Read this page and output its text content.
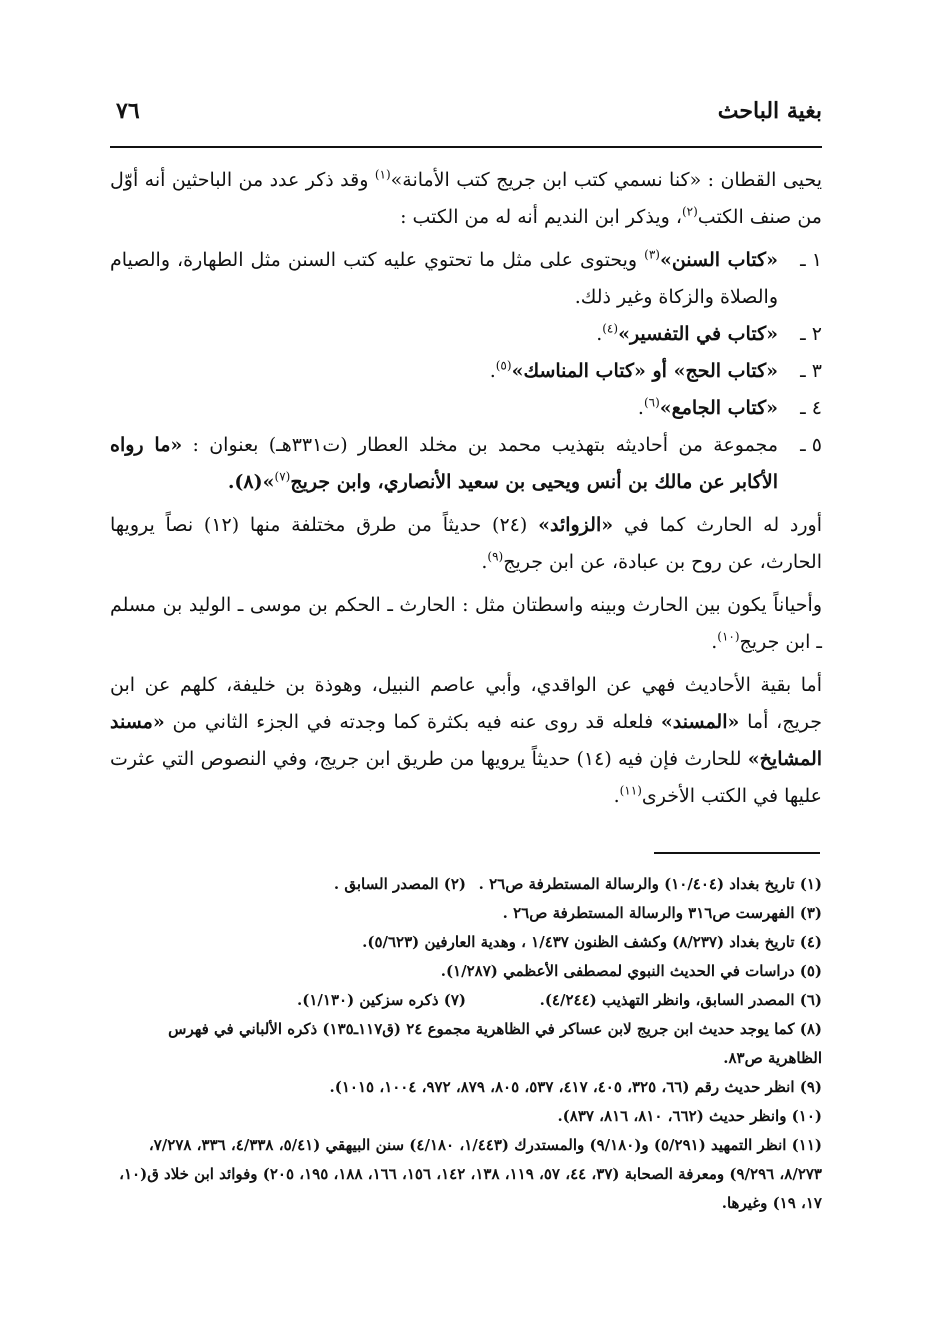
بغية الباحث
٧٦

يحيى القطان : «كنا نسمي كتب ابن جريج كتب الأمانة»$^{(١)}$ وقد ذكر عدد من الباحثين أنه أوّل من صنف الكتب$^{(٢)}$، ويذكر ابن النديم أنه له من الكتب :

١ ـ
«كتاب السنن»$^{(٣)}$ ويحتوى على مثل ما تحتوي عليه كتب السنن مثل الطهارة، والصيام والصلاة والزكاة وغير ذلك.
٢ ـ
«كتاب في التفسير»$^{(٤)}$.
٣ ـ
«كتاب الحج» أو «كتاب المناسك»$^{(٥)}$.
٤ ـ
«كتاب الجامع»$^{(٦)}$.
٥ ـ
مجموعة من أحاديثه بتهذيب محمد بن مخلد العطار (ت٣٣١هـ) بعنوان : «ما رواه الأكابر عن مالك بن أنس ويحيى بن سعيد الأنصاري، وابن جريج$^{(٧)}$»(٨).

أورد له الحارث كما في «الزوائد» (٢٤) حديثاً من طرق مختلفة منها (١٢) نصاً يرويها الحارث، عن روح بن عبادة، عن ابن جريج$^{(٩)}$.

وأحياناً يكون بين الحارث وبينه واسطتان مثل : الحارث ـ الحكم بن موسى ـ الوليد بن مسلم ـ ابن جريج$^{(١٠)}$.

أما بقية الأحاديث فهي عن الواقدي، وأبي عاصم النبيل، وهوذة بن خليفة، كلهم عن ابن جريج، أما «المسند» فلعله قد روى عنه فيه بكثرة كما وجدته في الجزء الثاني من «مسند المشايخ» للحارث فإن فيه (١٤) حديثاً يرويها من طريق ابن جريج، وفي النصوص التي عثرت عليها في الكتب الأخرى$^{(١١)}$.

(١) تاريخ بغداد (١٠/٤٠٤) والرسالة المستطرفة ص٢٦ .
(٢) المصدر السابق .

(٣) الفهرست ص٣١٦ والرسالة المستطرفة ص٢٦ .

(٤) تاريخ بغداد (٨/٢٣٧) وكشف الظنون ١/٤٣٧ ، وهدية العارفين (٥/٦٢٣).

(٥) دراسات في الحديث النبوي لمصطفى الأعظمي (١/٢٨٧).

(٦) المصدر السابق، وانظر التهذيب (٤/٢٤٤).
(٧) ذكره سزكين (١/١٣٠).

(٨) كما يوجد حديث ابن جريج لابن عساكر في الظاهرية مجموع ٢٤ (ق١١٧ـ١٣٥) ذكره الألباني في فهرس الظاهرية ص٨٣.

(٩) انظر حديث رقم (٦٦، ٣٢٥، ٤٠٥، ٤١٧، ٥٣٧، ٨٠٥، ٨٧٩، ٩٧٢، ١٠٠٤، ١٠١٥).

(١٠) وانظر حديث (٦٦٢، ٨١٠، ٨١٦، ٨٣٧).

(١١) انظر التمهيد (٥/٢٩١) و(٩/١٨٠) والمستدرك (١/٤٤٣، ٤/١٨٠) سنن البيهقي (٥/٤١، ٤/٣٣٨، ٣٣٦، ٧/٢٧٨، ٨/٢٧٣، ٩/٢٩٦) ومعرفة الصحابة (٣٧، ٤٤، ٥٧، ١١٩، ١٣٨، ١٤٢، ١٥٦، ١٦٦، ١٨٨، ١٩٥، ٢٠٥) وفوائد ابن خلاد ق(١٠، ١٧، ١٩) وغيرها.
